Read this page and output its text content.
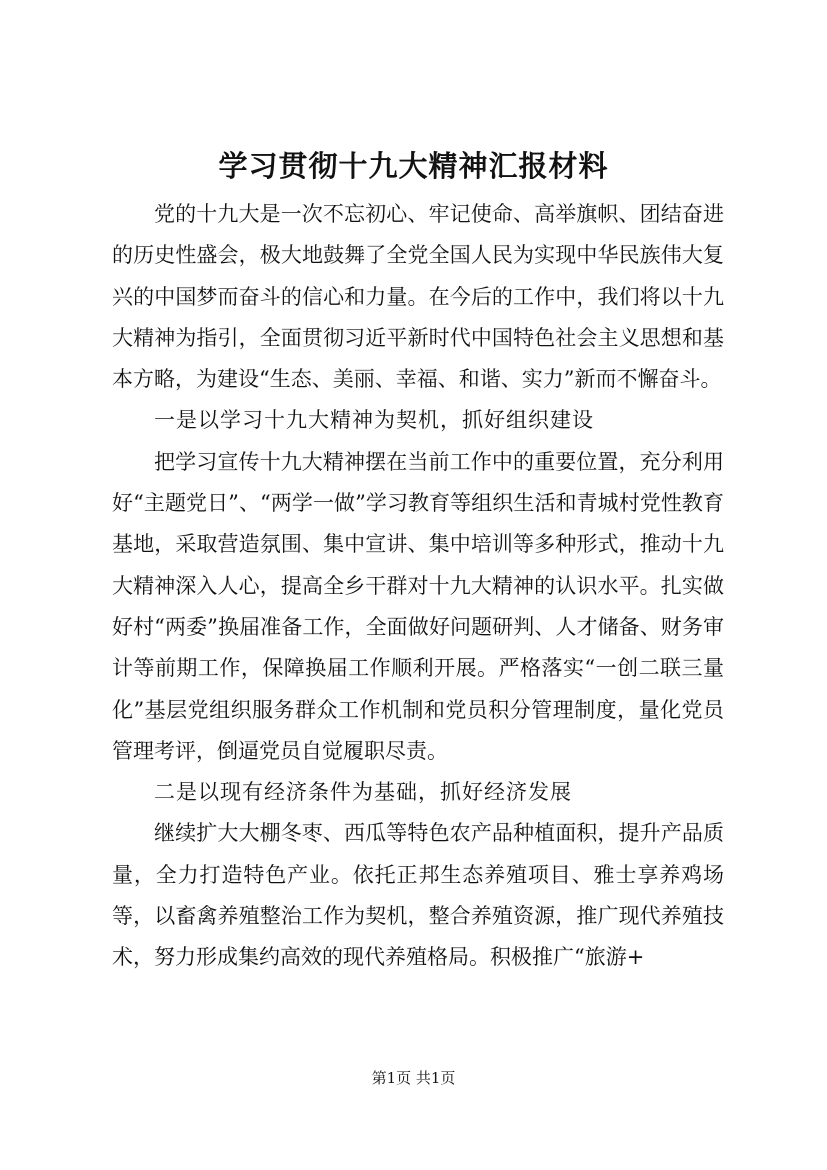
学习贯彻十九大精神汇报材料

党的十九大是一次不忘初心、牢记使命、高举旗帜、团结奋进的历史性盛会，极大地鼓舞了全党全国人民为实现中华民族伟大复兴的中国梦而奋斗的信心和力量。在今后的工作中，我们将以十九大精神为指引，全面贯彻习近平新时代中国特色社会主义思想和基本方略，为建设“生态、美丽、幸福、和谐、实力”新而不懈奋斗。

一是以学习十九大精神为契机，抓好组织建设

把学习宣传十九大精神摆在当前工作中的重要位置，充分利用好“主题党日”、“两学一做”学习教育等组织生活和青城村党性教育基地，采取营造氛围、集中宣讲、集中培训等多种形式，推动十九大精神深入人心，提高全乡干群对十九大精神的认识水平。扎实做好村“两委”换届准备工作，全面做好问题研判、人才储备、财务审计等前期工作，保障换届工作顺利开展。严格落实“一创二联三量化”基层党组织服务群众工作机制和党员积分管理制度，量化党员管理考评，倒逼党员自觉履职尽责。

二是以现有经济条件为基础，抓好经济发展

继续扩大大棚冬枣、西瓜等特色农产品种植面积，提升产品质量，全力打造特色产业。依托正邦生态养殖项目、雅士享养鸡场等，以畜禽养殖整治工作为契机，整合养殖资源，推广现代养殖技术，努力形成集约高效的现代养殖格局。积极推广“旅游+

第1页 共1页
